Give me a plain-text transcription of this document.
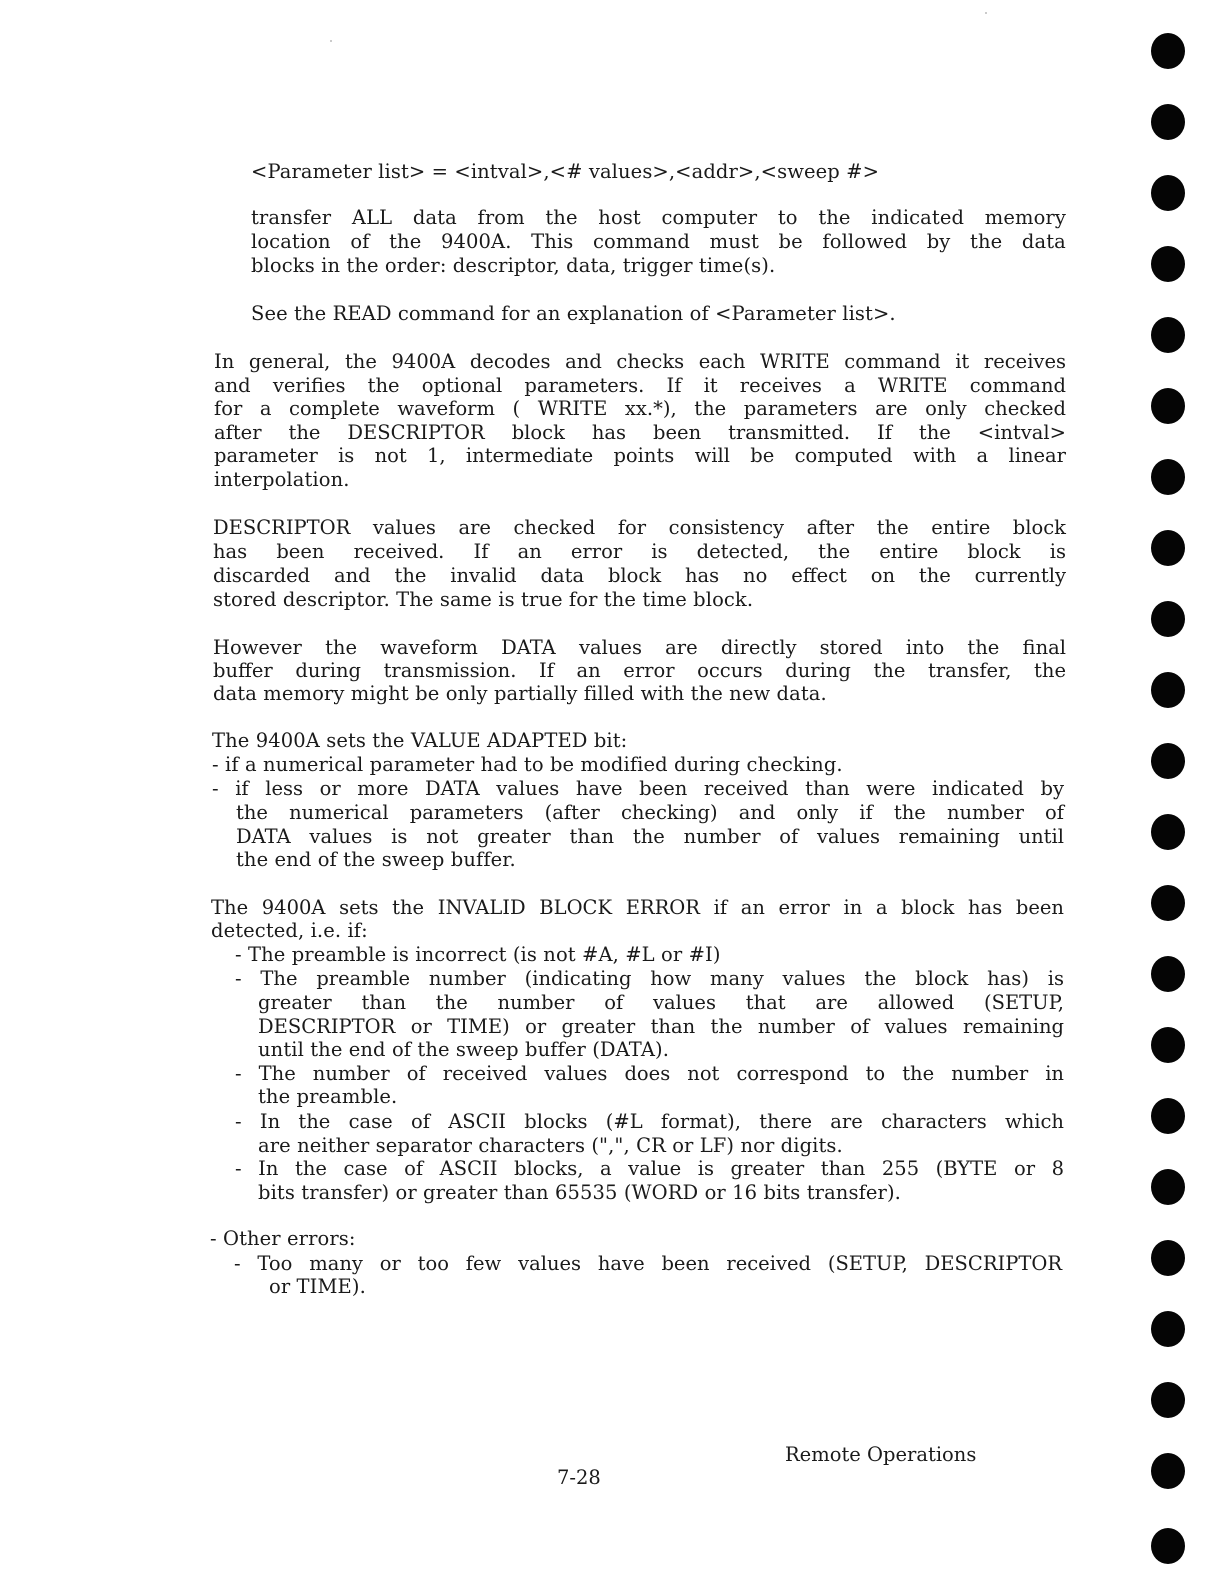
<Parameter list> = <intval>,<# values>,<addr>,<sweep #>
transfer ALL data from the host computer to the indicated memory
location of the 9400A. This command must be followed by the data
blocks in the order: descriptor, data, trigger time(s).
See the READ command for an explanation of <Parameter list>.
In general, the 9400A decodes and checks each WRITE command it receives
and verifies the optional parameters. If it receives a WRITE command
for a complete waveform ( WRITE xx.*), the parameters are only checked
after the DESCRIPTOR block has been transmitted. If the <intval>
parameter is not 1, intermediate points will be computed with a linear
interpolation.
DESCRIPTOR values are checked for consistency after the entire block
has been received. If an error is detected, the entire block is
discarded and the invalid data block has no effect on the currently
stored descriptor. The same is true for the time block.
However the waveform DATA values are directly stored into the final
buffer during transmission. If an error occurs during the transfer, the
data memory might be only partially filled with the new data.
The 9400A sets the VALUE ADAPTED bit:
- if a numerical parameter had to be modified during checking.
- if less or more DATA values have been received than were indicated by
the numerical parameters (after checking) and only if the number of
DATA values is not greater than the number of values remaining until
the end of the sweep buffer.
The 9400A sets the INVALID BLOCK ERROR if an error in a block has been
detected, i.e. if:
- The preamble is incorrect (is not #A, #L or #I)
- The preamble number (indicating how many values the block has) is
greater than the number of values that are allowed (SETUP,
DESCRIPTOR or TIME) or greater than the number of values remaining
until the end of the sweep buffer (DATA).
- The number of received values does not correspond to the number in
the preamble.
- In the case of ASCII blocks (#L format), there are characters which
are neither separator characters (",", CR or LF) nor digits.
- In the case of ASCII blocks, a value is greater than 255 (BYTE or 8
bits transfer) or greater than 65535 (WORD or 16 bits transfer).
- Other errors:
- Too many or too few values have been received (SETUP, DESCRIPTOR
or TIME).
Remote Operations
7-28
